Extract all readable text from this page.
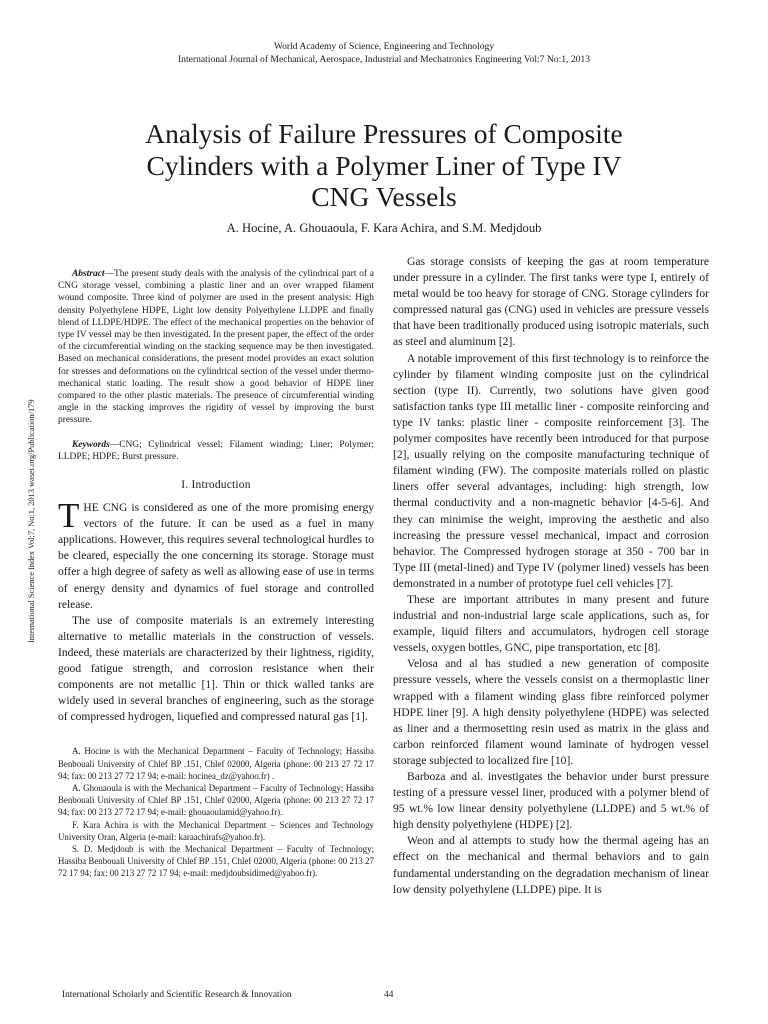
World Academy of Science, Engineering and Technology
International Journal of Mechanical, Aerospace, Industrial and Mechatronics Engineering Vol:7 No:1, 2013
Analysis of Failure Pressures of Composite
Cylinders with a Polymer Liner of Type IV
CNG Vessels
A. Hocine, A. Ghouaoula, F. Kara Achira, and S.M. Medjdoub
International Science Index Vol:7, No:1, 2013 waset.org/Publication/179

Abstract—The present study deals with the analysis of the cylindrical part of a CNG storage vessel, combining a plastic liner and an over wrapped filament wound composite. Three kind of polymer are used in the present analysis: High density Polyethylene HDPE, Light low density Polyethylene LLDPE and finally blend of LLDPE/HDPE. The effect of the mechanical properties on the behavior of type IV vessel may be then investigated. In the present paper, the effect of the order of the circumferential winding on the stacking sequence may be then investigated. Based on mechanical considerations, the present model provides an exact solution for stresses and deformations on the cylindrical section of the vessel under thermo-mechanical static loading. The result show a good behavior of HDPE liner compared to the other plastic materials. The presence of circumferential winding angle in the stacking improves the rigidity of vessel by improving the burst pressure.

Keywords—CNG; Cylindrical vessel; Filament winding; Liner; Polymer; LLDPE; HDPE; Burst pressure.

I. Introduction

THE CNG is considered as one of the more promising energy vectors of the future. It can be used as a fuel in many applications. However, this requires several technological hurdles to be cleared, especially the one concerning its storage. Storage must offer a high degree of safety as well as allowing ease of use in terms of energy density and dynamics of fuel storage and controlled release.

The use of composite materials is an extremely interesting alternative to metallic materials in the construction of vessels. Indeed, these materials are characterized by their lightness, rigidity, good fatigue strength, and corrosion resistance when their components are not metallic [1]. Thin or thick walled tanks are widely used in several branches of engineering, such as the storage of compressed hydrogen, liquefied and compressed natural gas [1].

A. Hocine is with the Mechanical Department – Faculty of Technology; Hassiba Benbouali University of Chlef BP .151, Chlef 02000, Algeria (phone: 00 213 27 72 17 94; fax: 00 213 27 72 17 94; e-mail: hocinea_dz@yahoo.fr) .

A. Ghouaoula is with the Mechanical Department – Faculty of Technology; Hassiba Benbouali University of Chlef BP .151, Chlef 02000, Algeria (phone: 00 213 27 72 17 94; fax: 00 213 27 72 17 94; e-mail: ghouaoulamid@yahoo.fr).

F. Kara Achira is with the Mechanical Department – Sciences and Technology University Oran, Algeria (e-mail: karaachirafs@yahoo.fr).

S. D. Medjdoub is with the Mechanical Department – Faculty of Technology; Hassiba Benbouali University of Chlef BP .151, Chlef 02000, Algeria (phone: 00 213 27 72 17 94; fax: 00 213 27 72 17 94; e-mail: medjdoubsidimed@yahoo.fr).

Gas storage consists of keeping the gas at room temperature under pressure in a cylinder. The first tanks were type I, entirely of metal would be too heavy for storage of CNG. Storage cylinders for compressed natural gas (CNG) used in vehicles are pressure vessels that have been traditionally produced using isotropic materials, such as steel and aluminum [2].

A notable improvement of this first technology is to reinforce the cylinder by filament winding composite just on the cylindrical section (type II). Currently, two solutions have given good satisfaction tanks type III metallic liner - composite reinforcing and type IV tanks: plastic liner - composite reinforcement [3]. The polymer composites have recently been introduced for that purpose [2], usually relying on the composite manufacturing technique of filament winding (FW). The composite materials rolled on plastic liners offer several advantages, including: high strength, low thermal conductivity and a non-magnetic behavior [4-5-6]. And they can minimise the weight, improving the aesthetic and also increasing the pressure vessel mechanical, impact and corrosion behavior. The Compressed hydrogen storage at 350 - 700 bar in Type III (metal-lined) and Type IV (polymer lined) vessels has been demonstrated in a number of prototype fuel cell vehicles [7].

These are important attributes in many present and future industrial and non-industrial large scale applications, such as, for example, liquid filters and accumulators, hydrogen cell storage vessels, oxygen bottles, GNC, pipe transportation, etc [8].

Velosa and al has studied a new generation of composite pressure vessels, where the vessels consist on a thermoplastic liner wrapped with a filament winding glass fibre reinforced polymer HDPE liner [9]. A high density polyethylene (HDPE) was selected as liner and a thermosetting resin used as matrix in the glass and carbon reinforced filament wound laminate of hydrogen vessel storage subjected to localized fire [10].

Barboza and al. investigates the behavior under burst pressure testing of a pressure vessel liner, produced with a polymer blend of 95 wt.% low linear density polyethylene (LLDPE) and 5 wt.% of high density polyethylene (HDPE) [2].

Weon and al attempts to study how the thermal ageing has an effect on the mechanical and thermal behaviors and to gain fundamental understanding on the degradation mechanism of linear low density polyethylene (LLDPE) pipe. It is

International Scholarly and Scientific Research & Innovation	44
